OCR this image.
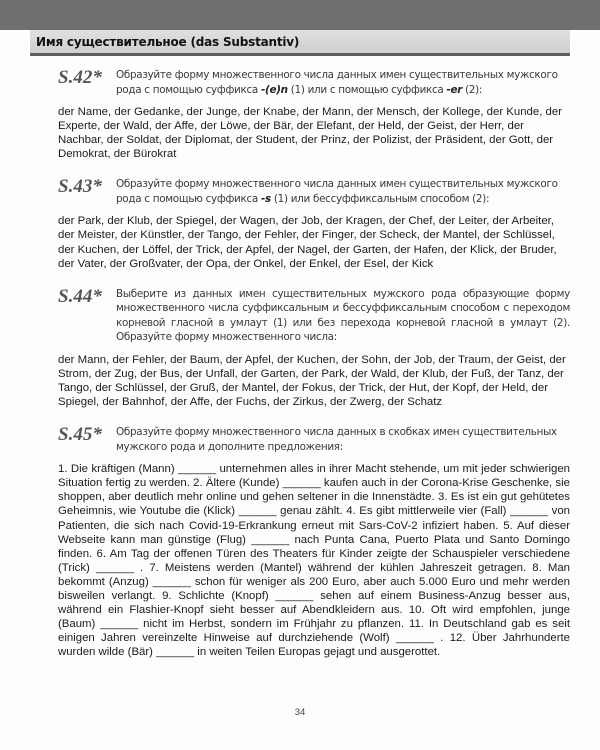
Имя существительное (das Substantiv)
S.42*	Образуйте форму множественного числа данных имен существительных мужского рода с помощью суффикса -(e)n (1) или с помощью суффикса -er (2):
der Name, der Gedanke, der Junge, der Knabe, der Mann, der Mensch, der Kollege, der Kunde, der Experte, der Wald, der Affe, der Löwe, der Bär, der Elefant, der Held, der Geist, der Herr, der Nachbar, der Soldat, der Diplomat, der Student, der Prinz, der Polizist, der Präsident, der Gott, der Demokrat, der Bürokrat
S.43*	Образуйте форму множественного числа данных имен существительных мужского рода с помощью суффикса -s (1) или бессуффиксальным способом (2):
der Park, der Klub, der Spiegel, der Wagen, der Job, der Kragen, der Chef, der Leiter, der Arbeiter, der Meister, der Künstler, der Tango, der Fehler, der Finger, der Scheck, der Mantel, der Schlüssel, der Kuchen, der Löffel, der Trick, der Apfel, der Nagel, der Garten, der Hafen, der Klick, der Bruder, der Vater, der Großvater, der Opa, der Onkel, der Enkel, der Esel, der Kick
S.44*	Выберите из данных имен существительных мужского рода образующие форму множественного числа суффиксальным и бессуффиксальным способом с переходом корневой гласной в умлаут (1) или без перехода корневой гласной в умлаут (2). Образуйте форму множественного числа:
der Mann, der Fehler, der Baum, der Apfel, der Kuchen, der Sohn, der Job, der Traum, der Geist, der Strom, der Zug, der Bus, der Unfall, der Garten, der Park, der Wald, der Klub, der Fuß, der Tanz, der Tango, der Schlüssel, der Gruß, der Mantel, der Fokus, der Trick, der Hut, der Kopf, der Held, der Spiegel, der Bahnhof, der Affe, der Fuchs, der Zirkus, der Zwerg, der Schatz
S.45*	Образуйте форму множественного числа данных в скобках имен существительных мужского рода и дополните предложения:
1. Die kräftigen (Mann) ______ unternehmen alles in ihrer Macht stehende, um mit jeder schwierigen Situation fertig zu werden. 2. Ältere (Kunde) ______ kaufen auch in der Corona-Krise Geschenke, sie shoppen, aber deutlich mehr online und gehen seltener in die Innenstädte. 3. Es ist ein gut gehütetes Geheimnis, wie Youtube die (Klick) ______ genau zählt. 4. Es gibt mittlerweile vier (Fall) ______ von Patienten, die sich nach Covid-19-Erkrankung erneut mit Sars-CoV-2 infiziert haben. 5. Auf dieser Webseite kann man günstige (Flug) ______ nach Punta Cana, Puerto Plata und Santo Domingo finden. 6. Am Tag der offenen Türen des Theaters für Kinder zeigte der Schauspieler verschiedene (Trick) ______ . 7. Meistens werden (Mantel) während der kühlen Jahreszeit getragen. 8. Man bekommt (Anzug) ______ schon für weniger als 200 Euro, aber auch 5.000 Euro und mehr werden bisweilen verlangt. 9. Schlichte (Knopf) ______ sehen auf einem Business-Anzug besser aus, während ein Flashier-Knopf sieht besser auf Abendkleidern aus. 10. Oft wird empfohlen, junge (Baum) ______ nicht im Herbst, sondern im Frühjahr zu pflanzen. 11. In Deutschland gab es seit einigen Jahren vereinzelte Hinweise auf durchziehende (Wolf) ______ . 12. Über Jahrhunderte wurden wilde (Bär) ______ in weiten Teilen Europas gejagt und ausgerottet.
34
